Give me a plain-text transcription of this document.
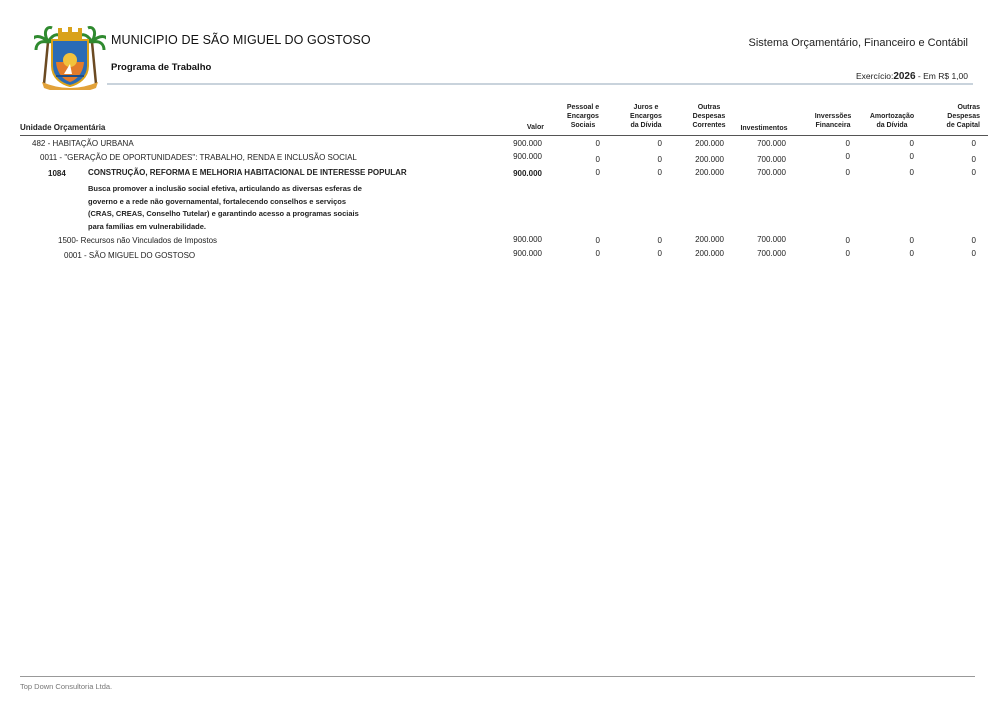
MUNICIPIO DE SÃO MIGUEL DO GOSTOSO	Sistema Orçamentário, Financeiro e Contábil
Programa de Trabalho
Exercício:2026 - Em R$ 1,00
Unidade Orçamentária	Valor
Pessoal e
Encargos
Sociais
Juros e
Encargos
da Dívida
Outras
Despesas
Correntes	Investimentos
Inverssões
Financeira
Amortozação
da Dívida
Outras
Despesas
de Capital
482 - HABITAÇÃO URBANA	900.000	0	0	200.000	700.000	0	0	0
0011 - "GERAÇÃO DE OPORTUNIDADES": TRABALHO, RENDA E INCLUSÃO SOCIAL	900.000	0	0	200.000	700.000	0	0	0
1084	CONSTRUÇÃO, REFORMA E MELHORIA HABITACIONAL DE INTERESSE POPULAR	900.000	0	0	200.000	700.000	0	0	0
Busca promover a inclusão social efetiva, articulando as diversas esferas de
governo e a rede não governamental, fortalecendo conselhos e serviços
(CRAS, CREAS, Conselho Tutelar) e garantindo acesso a programas sociais
para famílias em vulnerabilidade.
1500- Recursos não Vinculados de Impostos	900.000	0	0	200.000	700.000	0	0	0
0001 - SÃO MIGUEL DO GOSTOSO	900.000	0	0	200.000	700.000	0	0	0
Top Down Consultoria Ltda.
